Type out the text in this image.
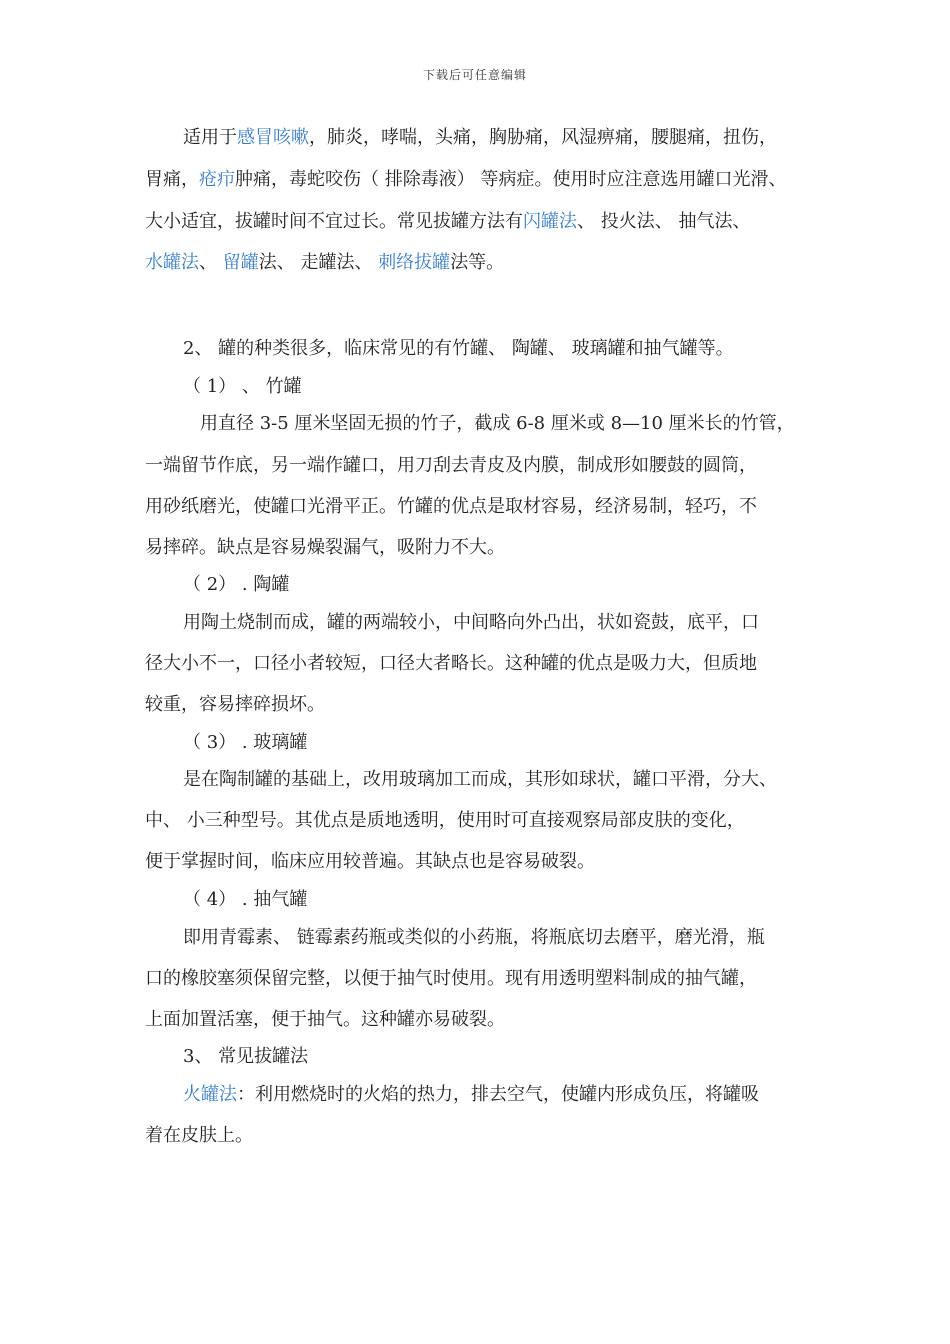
下载后可任意编辑
适用于感冒咳嗽，肺炎，哮喘，头痛，胸胁痛，风湿痹痛，腰腿痛，扭伤，
胃痛，疮疖肿痛，毒蛇咬伤（ 排除毒液） 等病症。使用时应注意选用罐口光滑、
大小适宜，拔罐时间不宜过长。常见拔罐方法有闪罐法、 投火法、 抽气法、
水罐法、 留罐法、 走罐法、 刺络拔罐法等。
2、 罐的种类很多，临床常见的有竹罐、 陶罐、 玻璃罐和抽气罐等。
（ 1） 、 竹罐
用直径 3-5 厘米坚固无损的竹子，截成 6-8 厘米或 8—10 厘米长的竹管，
一端留节作底，另一端作罐口，用刀刮去青皮及内膜，制成形如腰鼓的圆筒，
用砂纸磨光，使罐口光滑平正。竹罐的优点是取材容易，经济易制，轻巧，不
易摔碎。缺点是容易燥裂漏气，吸附力不大。
（ 2） . 陶罐
用陶土烧制而成，罐的两端较小，中间略向外凸出，状如瓷鼓，底平，口
径大小不一，口径小者较短，口径大者略长。这种罐的优点是吸力大，但质地
较重，容易摔碎损坏。
（ 3） . 玻璃罐
是在陶制罐的基础上，改用玻璃加工而成，其形如球状，罐口平滑，分大、
中、 小三种型号。其优点是质地透明，使用时可直接观察局部皮肤的变化，
便于掌握时间，临床应用较普遍。其缺点也是容易破裂。
（ 4） . 抽气罐
即用青霉素、 链霉素药瓶或类似的小药瓶，将瓶底切去磨平，磨光滑，瓶
口的橡胶塞须保留完整，以便于抽气时使用。现有用透明塑料制成的抽气罐，
上面加置活塞，便于抽气。这种罐亦易破裂。
3、 常见拔罐法
火罐法：利用燃烧时的火焰的热力，排去空气，使罐内形成负压，将罐吸
着在皮肤上。
